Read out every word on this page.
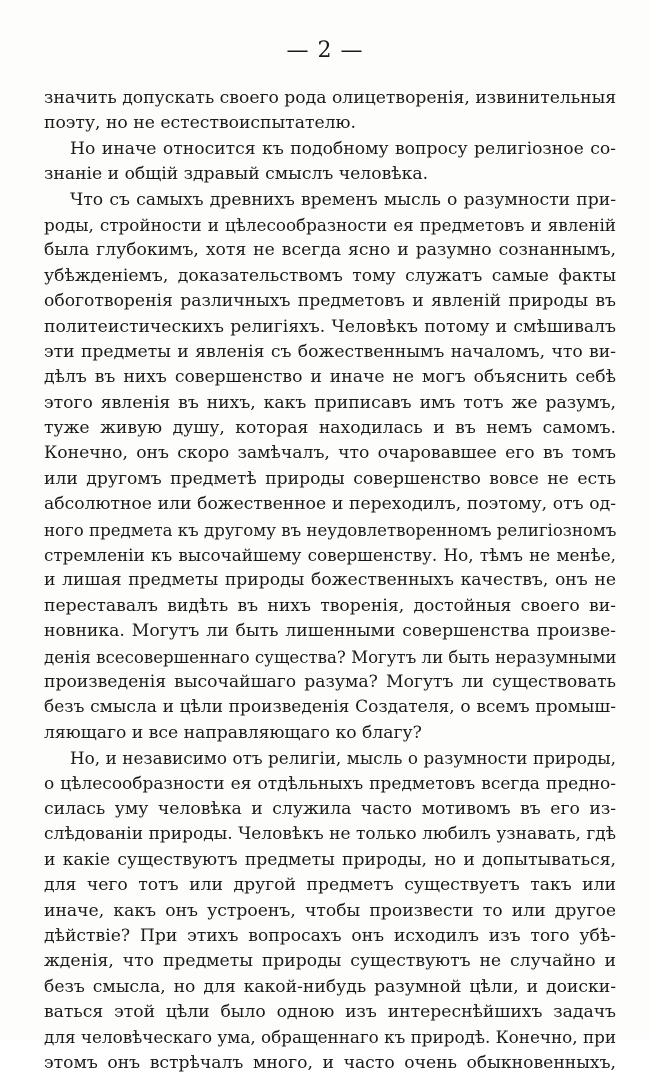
— 2 —
значить допускать своего рода олицетворенія, извинительныя
поэту, но не естествоиспытателю.
Но иначе относится къ подобному вопросу религіозное со-
знаніе и общій здравый смыслъ человѣка.
Что съ самыхъ древнихъ временъ мысль о разумности при-
роды, стройности и цѣлесообразности ея предметовъ и явленій
была глубокимъ, хотя не всегда ясно и разумно сознаннымъ,
убѣжденіемъ, доказательствомъ тому служатъ самые факты
обоготворенія различныхъ предметовъ и явленій природы въ
политеистическихъ религіяхъ. Человѣкъ потому и смѣшивалъ
эти предметы и явленія съ божественнымъ началомъ, что ви-
дѣлъ въ нихъ совершенство и иначе не могъ объяснить себѣ
этого явленія въ нихъ, какъ приписавъ имъ тотъ же разумъ,
туже живую душу, которая находилась и въ немъ самомъ.
Конечно, онъ скоро замѣчалъ, что очаровавшее его въ томъ
или другомъ предметѣ природы совершенство вовсе не есть
абсолютное или божественное и переходилъ, поэтому, отъ од-
ного предмета къ другому въ неудовлетворенномъ религіозномъ
стремленіи къ высочайшему совершенству. Но, тѣмъ не менѣе,
и лишая предметы природы божественныхъ качествъ, онъ не
переставалъ видѣть въ нихъ творенія, достойныя своего ви-
новника. Могутъ ли быть лишенными совершенства произве-
денія всесовершеннаго существа? Могутъ ли быть неразумными
произведенія высочайшаго разума? Могутъ ли существовать
безъ смысла и цѣли произведенія Создателя, о всемъ промыш-
ляющаго и все направляющаго ко благу?
Но, и независимо отъ религіи, мысль о разумности природы,
о цѣлесообразности ея отдѣльныхъ предметовъ всегда предно-
силась уму человѣка и служила часто мотивомъ въ его из-
слѣдованіи природы. Человѣкъ не только любилъ узнавать, гдѣ
и какіе существуютъ предметы природы, но и допытываться,
для чего тотъ или другой предметъ существуетъ такъ или
иначе, какъ онъ устроенъ, чтобы произвести то или другое
дѣйствіе? При этихъ вопросахъ онъ исходилъ изъ того убѣ-
жденія, что предметы природы существуютъ не случайно и
безъ смысла, но для какой-нибудь разумной цѣли, и доиски-
ваться этой цѣли было одною изъ интереснѣйшихъ задачъ
для человѣческаго ума, обращеннаго къ природѣ. Конечно, при
этомъ онъ встрѣчалъ много, и часто очень обыкновенныхъ,
